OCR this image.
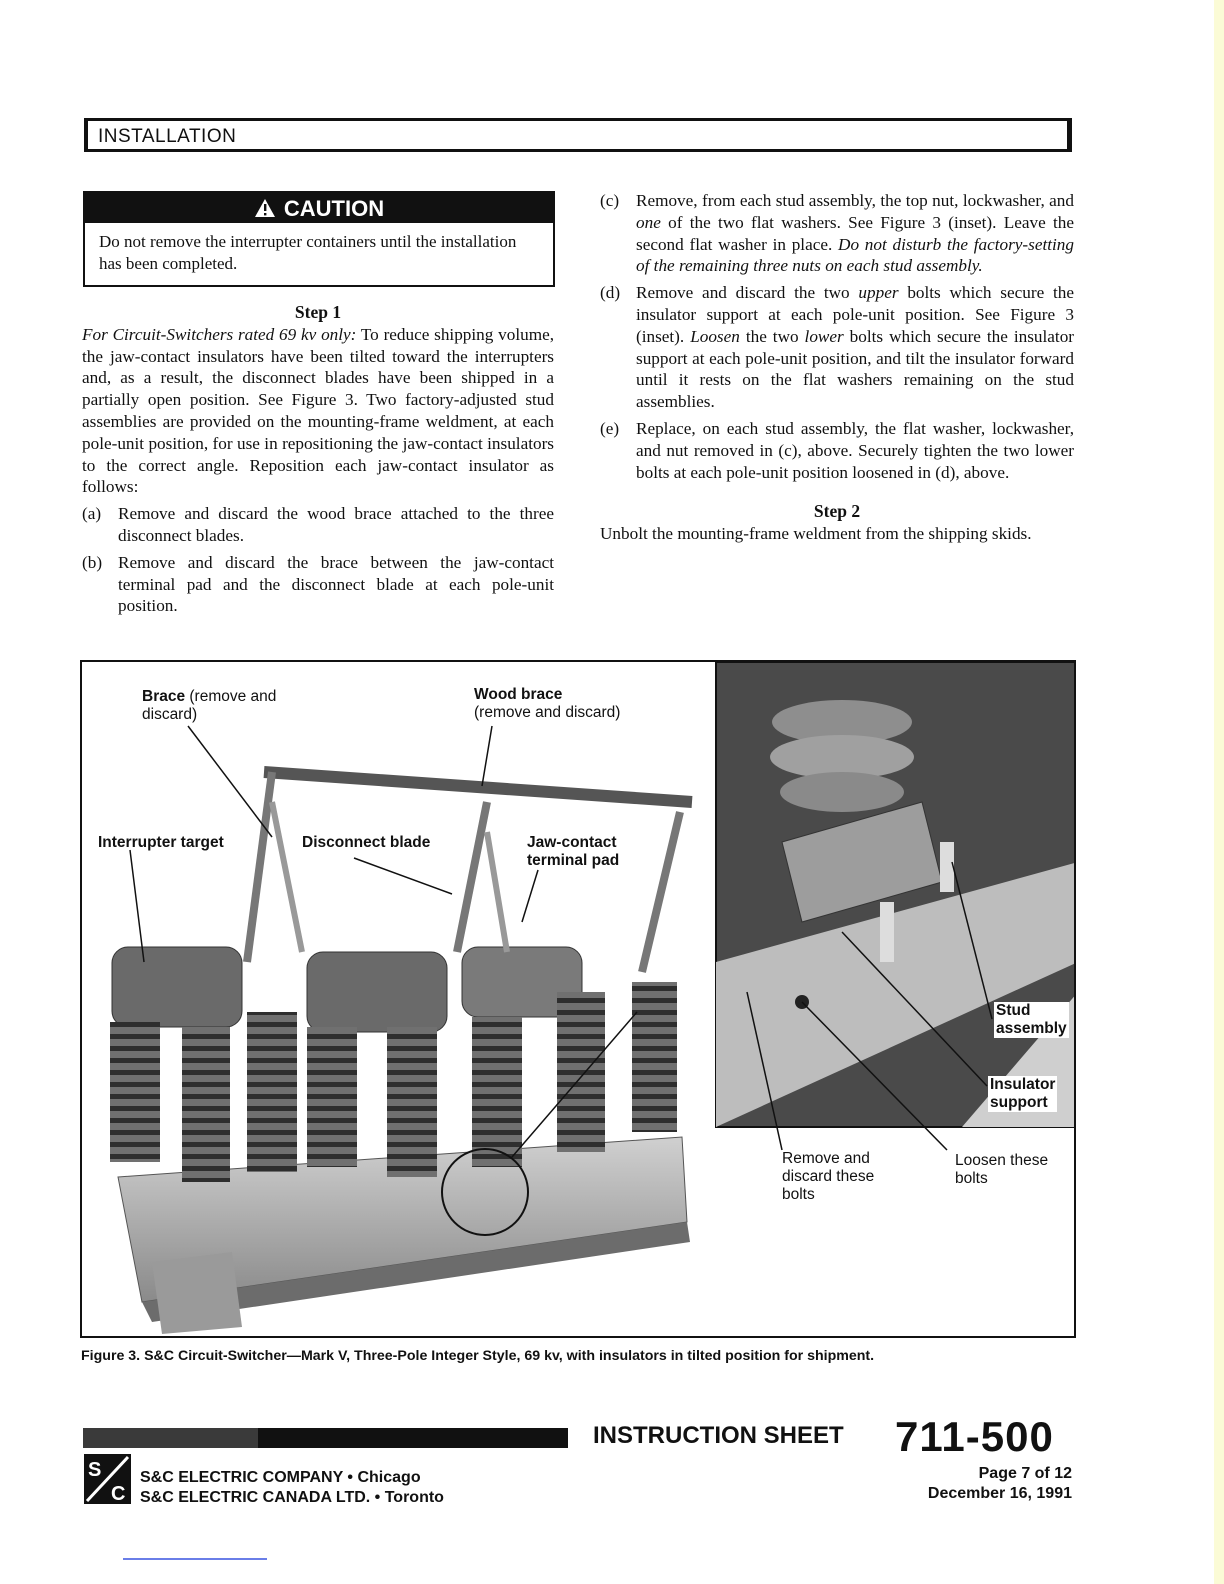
INSTALLATION
CAUTION
Do not remove the interrupter containers until the installation has been completed.

Step 1

For Circuit-Switchers rated 69 kv only: To reduce shipping volume, the jaw-contact insulators have been tilted toward the interrupters and, as a result, the disconnect blades have been shipped in a partially open position. See Figure 3. Two factory-adjusted stud assemblies are provided on the mounting-frame weldment, at each pole-unit position, for use in repositioning the jaw-contact insulators to the correct angle. Reposition each jaw-contact insulator as follows:

(a) Remove and discard the wood brace attached to the three disconnect blades.
(b) Remove and discard the brace between the jaw-contact terminal pad and the disconnect blade at each pole-unit position.
(c) Remove, from each stud assembly, the top nut, lockwasher, and one of the two flat washers. See Figure 3 (inset). Leave the second flat washer in place. Do not disturb the factory-setting of the remaining three nuts on each stud assembly.
(d) Remove and discard the two upper bolts which secure the insulator support at each pole-unit position. See Figure 3 (inset). Loosen the two lower bolts which secure the insulator support at each pole-unit position, and tilt the insulator forward until it rests on the flat washers remaining on the stud assemblies.
(e) Replace, on each stud assembly, the flat washer, lockwasher, and nut removed in (c), above. Securely tighten the two lower bolts at each pole-unit position loosened in (d), above.

Step 2

Unbolt the mounting-frame weldment from the shipping skids.

Brace (remove and
discard)
Wood brace
(remove and discard)
Interrupter target	Disconnect blade	Jaw-contact
terminal pad
Stud
assembly
Insulator
support
Remove and
discard these
bolts
Loosen these
bolts
Figure 3. S&C Circuit-Switcher—Mark V, Three-Pole Integer Style, 69 kv, with insulators in tilted position for shipment.
INSTRUCTION SHEET 711-500
S
C
S&C ELECTRIC COMPANY • Chicago
S&C ELECTRIC CANADA LTD. • Toronto
Page 7 of 12
December 16, 1991
